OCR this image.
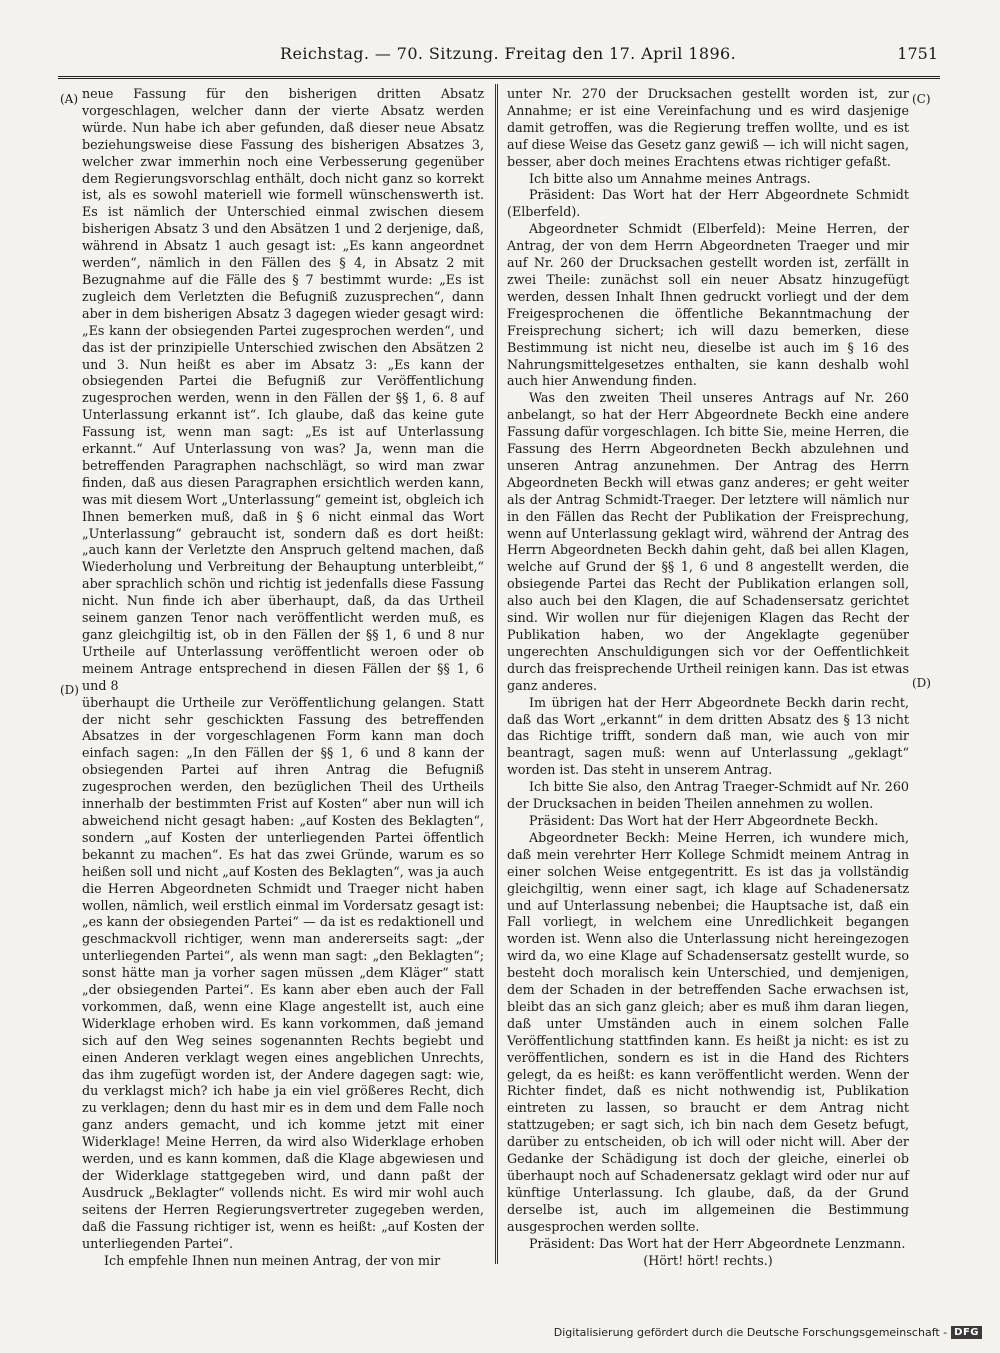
Reichstag. — 70. Sitzung. Freitag den 17. April 1896.	1751
(A)	(C)
(D)	(D)

neue Fassung für den bisherigen dritten Absatz vorgeschlagen, welcher dann der vierte Absatz werden würde. Nun habe ich aber gefunden, daß dieser neue Absatz beziehungsweise diese Fassung des bisherigen Absatzes 3, welcher zwar immerhin noch eine Verbesserung gegenüber dem Regierungsvorschlag enthält, doch nicht ganz so korrekt ist, als es sowohl materiell wie formell wünschenswerth ist. Es ist nämlich der Unterschied einmal zwischen diesem bisherigen Absatz 3 und den Absätzen 1 und 2 derjenige, daß, während in Absatz 1 auch gesagt ist: „Es kann angeordnet werden“, nämlich in den Fällen des § 4, in Absatz 2 mit Bezugnahme auf die Fälle des § 7 bestimmt wurde: „Es ist zugleich dem Verletzten die Befugniß zuzusprechen“, dann aber in dem bisherigen Absatz 3 dagegen wieder gesagt wird: „Es kann der obsiegenden Partei zugesprochen werden“, und das ist der prinzipielle Unterschied zwischen den Absätzen 2 und 3. Nun heißt es aber im Absatz 3: „Es kann der obsiegenden Partei die Befugniß zur Veröffentlichung zugesprochen werden, wenn in den Fällen der §§ 1, 6. 8 auf Unterlassung erkannt ist“. Ich glaube, daß das keine gute Fassung ist, wenn man sagt: „Es ist auf Unterlassung erkannt.“ Auf Unterlassung von was? Ja, wenn man die betreffenden Paragraphen nachschlägt, so wird man zwar finden, daß aus diesen Paragraphen ersichtlich werden kann, was mit diesem Wort „Unterlassung“ gemeint ist, obgleich ich Ihnen bemerken muß, daß in § 6 nicht einmal das Wort „Unterlassung“ gebraucht ist, sondern daß es dort heißt: „auch kann der Verletzte den Anspruch geltend machen, daß Wiederholung und Verbreitung der Behauptung unterbleibt,“ aber sprachlich schön und richtig ist jedenfalls diese Fassung nicht. Nun finde ich aber überhaupt, daß, da das Urtheil seinem ganzen Tenor nach veröffentlicht werden muß, es ganz gleichgiltig ist, ob in den Fällen der §§ 1, 6 und 8 nur Urtheile auf Unterlassung veröffentlicht weroen oder ob meinem Antrage entsprechend in diesen Fällen der §§ 1, 6 und 8

überhaupt die Urtheile zur Veröffentlichung gelangen. Statt der nicht sehr geschickten Fassung des betreffenden Absatzes in der vorgeschlagenen Form kann man doch einfach sagen: „In den Fällen der §§ 1, 6 und 8 kann der obsiegenden Partei auf ihren Antrag die Befugniß zugesprochen werden, den bezüglichen Theil des Urtheils innerhalb der bestimmten Frist auf Kosten“ aber nun will ich abweichend nicht gesagt haben: „auf Kosten des Beklagten“, sondern „auf Kosten der unterliegenden Partei öffentlich bekannt zu machen“. Es hat das zwei Gründe, warum es so heißen soll und nicht „auf Kosten des Beklagten“, was ja auch die Herren Abgeordneten Schmidt und Traeger nicht haben wollen, nämlich, weil erstlich einmal im Vordersatz gesagt ist: „es kann der obsiegenden Partei“ — da ist es redaktionell und geschmackvoll richtiger, wenn man andererseits sagt: „der unterliegenden Partei“, als wenn man sagt: „den Beklagten“; sonst hätte man ja vorher sagen müssen „dem Kläger“ statt „der obsiegenden Partei“. Es kann aber eben auch der Fall vorkommen, daß, wenn eine Klage angestellt ist, auch eine Widerklage erhoben wird. Es kann vorkommen, daß jemand sich auf den Weg seines sogenannten Rechts begiebt und einen Anderen verklagt wegen eines angeblichen Unrechts, das ihm zugefügt worden ist, der Andere dagegen sagt: wie, du verklagst mich? ich habe ja ein viel größeres Recht, dich zu verklagen; denn du hast mir es in dem und dem Falle noch ganz anders gemacht, und ich komme jetzt mit einer Widerklage! Meine Herren, da wird also Widerklage erhoben werden, und es kann kommen, daß die Klage abgewiesen und der Widerklage stattgegeben wird, und dann paßt der Ausdruck „Beklagter“ vollends nicht. Es wird mir wohl auch seitens der Herren Regierungsvertreter zugegeben werden, daß die Fassung richtiger ist, wenn es heißt: „auf Kosten der unterliegenden Partei“.

Ich empfehle Ihnen nun meinen Antrag, der von mir

unter Nr. 270 der Drucksachen gestellt worden ist, zur Annahme; er ist eine Vereinfachung und es wird dasjenige damit getroffen, was die Regierung treffen wollte, und es ist auf diese Weise das Gesetz ganz gewiß — ich will nicht sagen, besser, aber doch meines Erachtens etwas richtiger gefaßt.

Ich bitte also um Annahme meines Antrags.

Präsident: Das Wort hat der Herr Abgeordnete Schmidt (Elberfeld).

Abgeordneter Schmidt (Elberfeld): Meine Herren, der Antrag, der von dem Herrn Abgeordneten Traeger und mir auf Nr. 260 der Drucksachen gestellt worden ist, zerfällt in zwei Theile: zunächst soll ein neuer Absatz hinzugefügt werden, dessen Inhalt Ihnen gedruckt vorliegt und der dem Freigesprochenen die öffentliche Bekanntmachung der Freisprechung sichert; ich will dazu bemerken, diese Bestimmung ist nicht neu, dieselbe ist auch im § 16 des Nahrungsmittelgesetzes enthalten, sie kann deshalb wohl auch hier Anwendung finden.

Was den zweiten Theil unseres Antrags auf Nr. 260 anbelangt, so hat der Herr Abgeordnete Beckh eine andere Fassung dafür vorgeschlagen. Ich bitte Sie, meine Herren, die Fassung des Herrn Abgeordneten Beckh abzulehnen und unseren Antrag anzunehmen. Der Antrag des Herrn Abgeordneten Beckh will etwas ganz anderes; er geht weiter als der Antrag Schmidt-Traeger. Der letztere will nämlich nur in den Fällen das Recht der Publikation der Freisprechung, wenn auf Unterlassung geklagt wird, während der Antrag des Herrn Abgeordneten Beckh dahin geht, daß bei allen Klagen, welche auf Grund der §§ 1, 6 und 8 angestellt werden, die obsiegende Partei das Recht der Publikation erlangen soll, also auch bei den Klagen, die auf Schadensersatz gerichtet sind. Wir wollen nur für diejenigen Klagen das Recht der Publikation haben, wo der Angeklagte gegenüber ungerechten Anschuldigungen sich vor der Oeffentlichkeit durch das freisprechende Urtheil reinigen kann. Das ist etwas ganz anderes.

Im übrigen hat der Herr Abgeordnete Beckh darin recht, daß das Wort „erkannt“ in dem dritten Absatz des § 13 nicht das Richtige trifft, sondern daß man, wie auch von mir beantragt, sagen muß: wenn auf Unterlassung „geklagt“ worden ist. Das steht in unserem Antrag.

Ich bitte Sie also, den Antrag Traeger-Schmidt auf Nr. 260 der Drucksachen in beiden Theilen annehmen zu wollen.

Präsident: Das Wort hat der Herr Abgeordnete Beckh.

Abgeordneter Beckh: Meine Herren, ich wundere mich, daß mein verehrter Herr Kollege Schmidt meinem Antrag in einer solchen Weise entgegentritt. Es ist das ja vollständig gleichgiltig, wenn einer sagt, ich klage auf Schadenersatz und auf Unterlassung nebenbei; die Hauptsache ist, daß ein Fall vorliegt, in welchem eine Unredlichkeit begangen worden ist. Wenn also die Unterlassung nicht hereingezogen wird da, wo eine Klage auf Schadensersatz gestellt wurde, so besteht doch moralisch kein Unterschied, und demjenigen, dem der Schaden in der betreffenden Sache erwachsen ist, bleibt das an sich ganz gleich; aber es muß ihm daran liegen, daß unter Umständen auch in einem solchen Falle Veröffentlichung stattfinden kann. Es heißt ja nicht: es ist zu veröffentlichen, sondern es ist in die Hand des Richters gelegt, da es heißt: es kann veröffentlicht werden. Wenn der Richter findet, daß es nicht nothwendig ist, Publikation eintreten zu lassen, so braucht er dem Antrag nicht stattzugeben; er sagt sich, ich bin nach dem Gesetz befugt, darüber zu entscheiden, ob ich will oder nicht will. Aber der Gedanke der Schädigung ist doch der gleiche, einerlei ob überhaupt noch auf Schadenersatz geklagt wird oder nur auf künftige Unterlassung. Ich glaube, daß, da der Grund derselbe ist, auch im allgemeinen die Bestimmung ausgesprochen werden sollte.

Präsident: Das Wort hat der Herr Abgeordnete Lenzmann.

(Hört! hört! rechts.)

Digitalisierung gefördert durch die Deutsche Forschungsgemeinschaft - DFG
